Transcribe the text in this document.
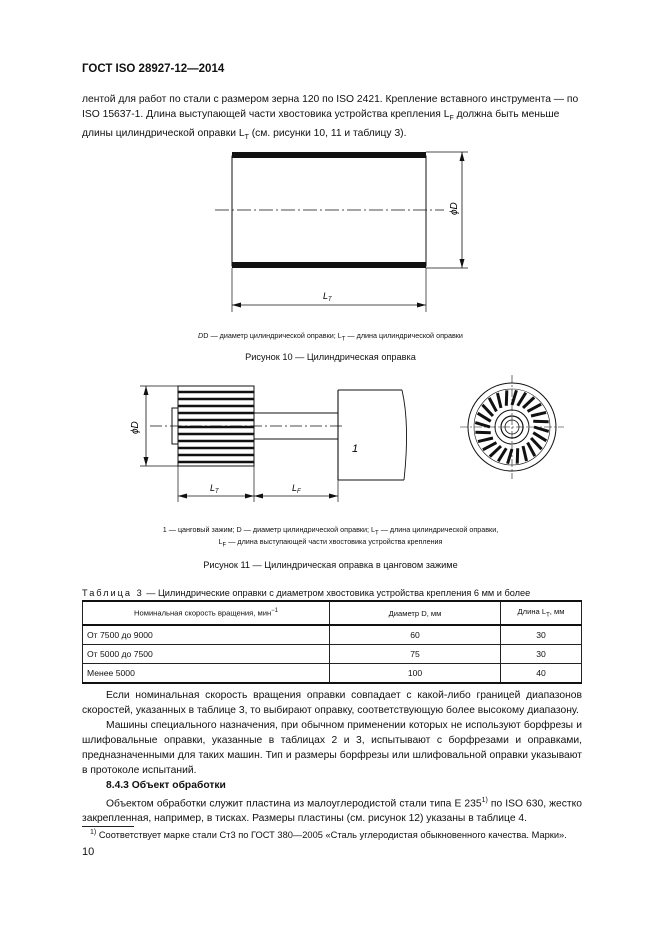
ГОСТ ISO 28927-12—2014

лентой для работ по стали с размером зерна 120 по ISO 2421. Крепление вставного инструмента — по

ISO 15637-1. Длина выступающей части хвостовика устройства крепления $L_F$ должна быть меньше

длины цилиндрической оправки $L_T$ (см. рисунки 10, 11 и таблицу 3).

ϕD
$L_T$
DD — диаметр цилиндрической оправки; $L_T$ — длина цилиндрической оправки
Рисунок 10 — Цилиндрическая оправка
1
ϕD
$L_T$	$L_F$
1 — цанговый зажим; D — диаметр цилиндрической оправки; $L_T$ — длина цилиндрической оправки,
$L_F$ — длина выступающей части хвостовика устройства крепления
Рисунок 11 — Цилиндрическая оправка в цанговом зажиме
Таблица 3 — Цилиндрические оправки с диаметром хвостовика устройства крепления 6 мм и более
Номинальная скорость вращения, мин$^{-1}$	Диаметр D, мм	Длина $L_T$, мм
От 7500 до 9000	60	30
От 5000 до 7500	75	30
Менее 5000	100	40

Если номинальная скорость вращения оправки совпадает с какой-либо границей диапазонов скоростей, указанных в таблице 3, то выбирают оправку, соответствующую более высокому диапазону.

Машины специального назначения, при обычном применении которых не используют борфрезы и шлифовальные оправки, указанные в таблицах 2 и 3, испытывают с борфрезами и оправками, предназначенными для таких машин. Тип и размеры борфрезы или шлифовальной оправки указывают в протоколе испытаний.

8.4.3 Объект обработки

Объектом обработки служит пластина из малоуглеродистой стали типа E 235$^{1)}$ по ISO 630, жестко закрепленная, например, в тисках. Размеры пластины (см. рисунок 12) указаны в таблице 4.

$^{1)}$ Соответствует марке стали Ст3 по ГОСТ 380—2005 «Сталь углеродистая обыкновенного качества. Марки».
10
